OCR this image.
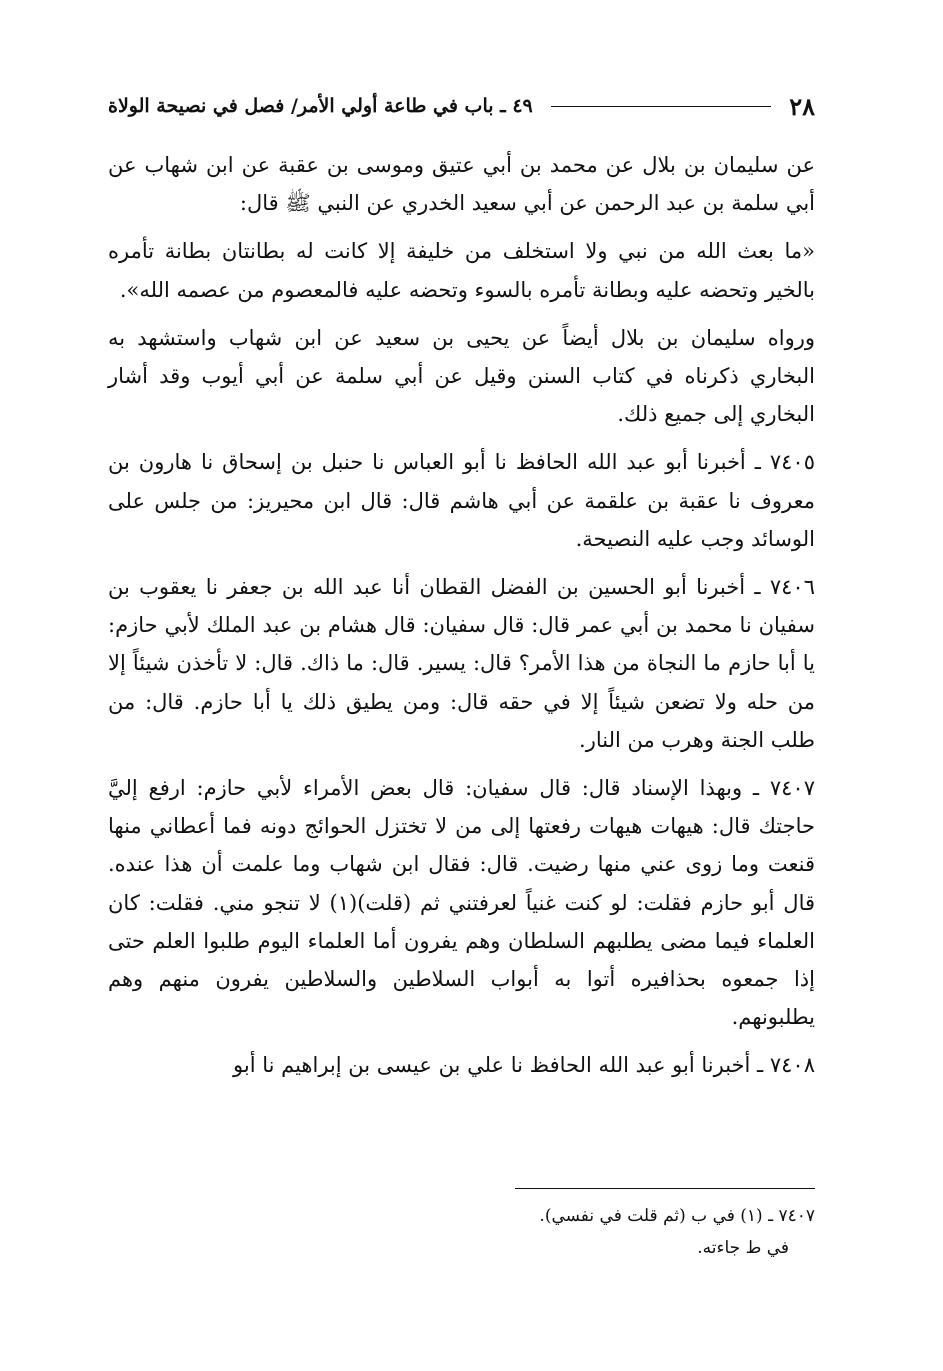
٢٨
٤٩ ـ باب في طاعة أولي الأمر/ فصل في نصيحة الولاة

عن سليمان بن بلال عن محمد بن أبي عتيق وموسى بن عقبة عن ابن شهاب عن أبي سلمة بن عبد الرحمن عن أبي سعيد الخدري عن النبي ﷺ قال:

«ما بعث الله من نبي ولا استخلف من خليفة إلا كانت له بطانتان بطانة تأمره بالخير وتحضه عليه وبطانة تأمره بالسوء وتحضه عليه فالمعصوم من عصمه الله».

ورواه سليمان بن بلال أيضاً عن يحيى بن سعيد عن ابن شهاب واستشهد به البخاري ذكرناه في كتاب السنن وقيل عن أبي سلمة عن أبي أيوب وقد أشار البخاري إلى جميع ذلك.

٧٤٠٥ ـ أخبرنا أبو عبد الله الحافظ نا أبو العباس نا حنبل بن إسحاق نا هارون بن معروف نا عقبة بن علقمة عن أبي هاشم قال: قال ابن محيريز: من جلس على الوسائد وجب عليه النصيحة.

٧٤٠٦ ـ أخبرنا أبو الحسين بن الفضل القطان أنا عبد الله بن جعفر نا يعقوب بن سفيان نا محمد بن أبي عمر قال: قال سفيان: قال هشام بن عبد الملك لأبي حازم: يا أبا حازم ما النجاة من هذا الأمر؟ قال: يسير. قال: ما ذاك. قال: لا تأخذن شيئاً إلا من حله ولا تضعن شيئاً إلا في حقه قال: ومن يطيق ذلك يا أبا حازم. قال: من طلب الجنة وهرب من النار.

٧٤٠٧ ـ وبهذا الإسناد قال: قال سفيان: قال بعض الأمراء لأبي حازم: ارفع إليَّ حاجتك قال: هيهات هيهات رفعتها إلى من لا تختزل الحوائج دونه فما أعطاني منها قنعت وما زوى عني منها رضيت. قال: فقال ابن شهاب وما علمت أن هذا عنده. قال أبو حازم فقلت: لو كنت غنياً لعرفتني ثم (قلت)(١) لا تنجو مني. فقلت: كان العلماء فيما مضى يطلبهم السلطان وهم يفرون أما العلماء اليوم طلبوا العلم حتى إذا جمعوه بحذافيره أتوا به أبواب السلاطين والسلاطين يفرون منهم وهم يطلبونهم.

٧٤٠٨ ـ أخبرنا أبو عبد الله الحافظ نا علي بن عيسى بن إبراهيم نا أبو

٧٤٠٧ ـ (١) في ب (ثم قلت في نفسي).

في ط جاءته.
